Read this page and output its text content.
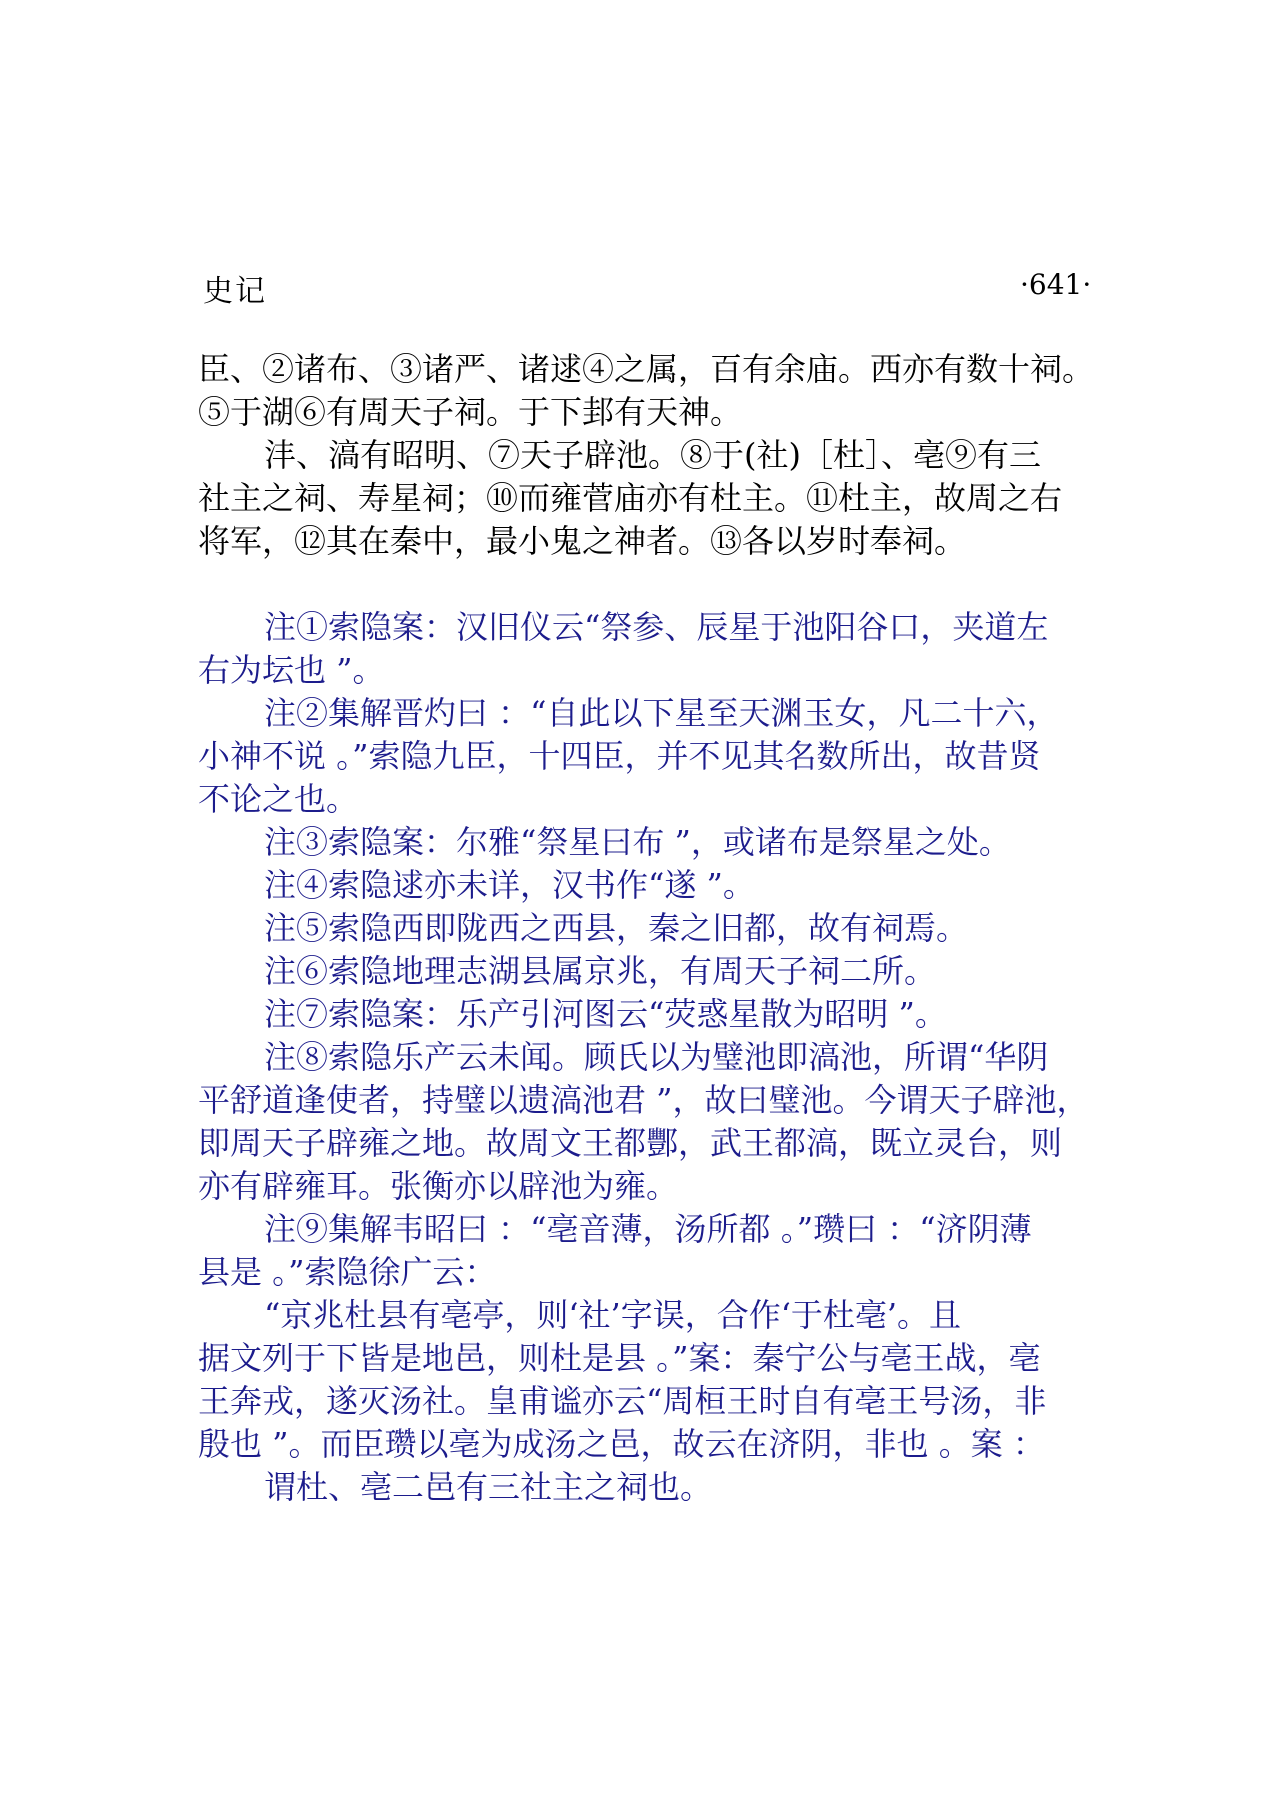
史记	·641·

臣、②诸布、③诸严、诸逑④之属，百有余庙。西亦有数十祠。

⑤于湖⑥有周天子祠。于下邽有天神。

沣、滈有昭明、⑦天子辟池。⑧于(社)［杜］、亳⑨有三

社主之祠、寿星祠；⑩而雍菅庙亦有杜主。⑪杜主，故周之右

将军，⑫其在秦中，最小鬼之神者。⑬各以岁时奉祠。

注①索隐案：汉旧仪云“祭参、辰星于池阳谷口，夹道左

右为坛也 ”。

注②集解晋灼曰 ：“自此以下星至天渊玉女，凡二十六，

小神不说 。”索隐九臣，十四臣，并不见其名数所出，故昔贤

不论之也。

注③索隐案：尔雅“祭星曰布 ”，或诸布是祭星之处。

注④索隐逑亦未详，汉书作“遂 ”。

注⑤索隐西即陇西之西县，秦之旧都，故有祠焉。

注⑥索隐地理志湖县属京兆，有周天子祠二所。

注⑦索隐案：乐产引河图云“荧惑星散为昭明 ”。

注⑧索隐乐产云未闻。顾氏以为璧池即滈池，所谓“华阴

平舒道逢使者，持璧以遗滈池君 ”，故曰璧池。今谓天子辟池，

即周天子辟雍之地。故周文王都酆，武王都滈，既立灵台，则

亦有辟雍耳。张衡亦以辟池为雍。

注⑨集解韦昭曰 ：“亳音薄，汤所都 。”瓒曰 ：“济阴薄

县是 。”索隐徐广云：

“京兆杜县有亳亭，则‘社’字误，合作‘于杜亳’。且

据文列于下皆是地邑，则杜是县 。”案：秦宁公与亳王战，亳

王奔戎，遂灭汤社。皇甫谧亦云“周桓王时自有亳王号汤，非

殷也 ”。而臣瓒以亳为成汤之邑，故云在济阴，非也 。案 ：

谓杜、亳二邑有三社主之祠也。
